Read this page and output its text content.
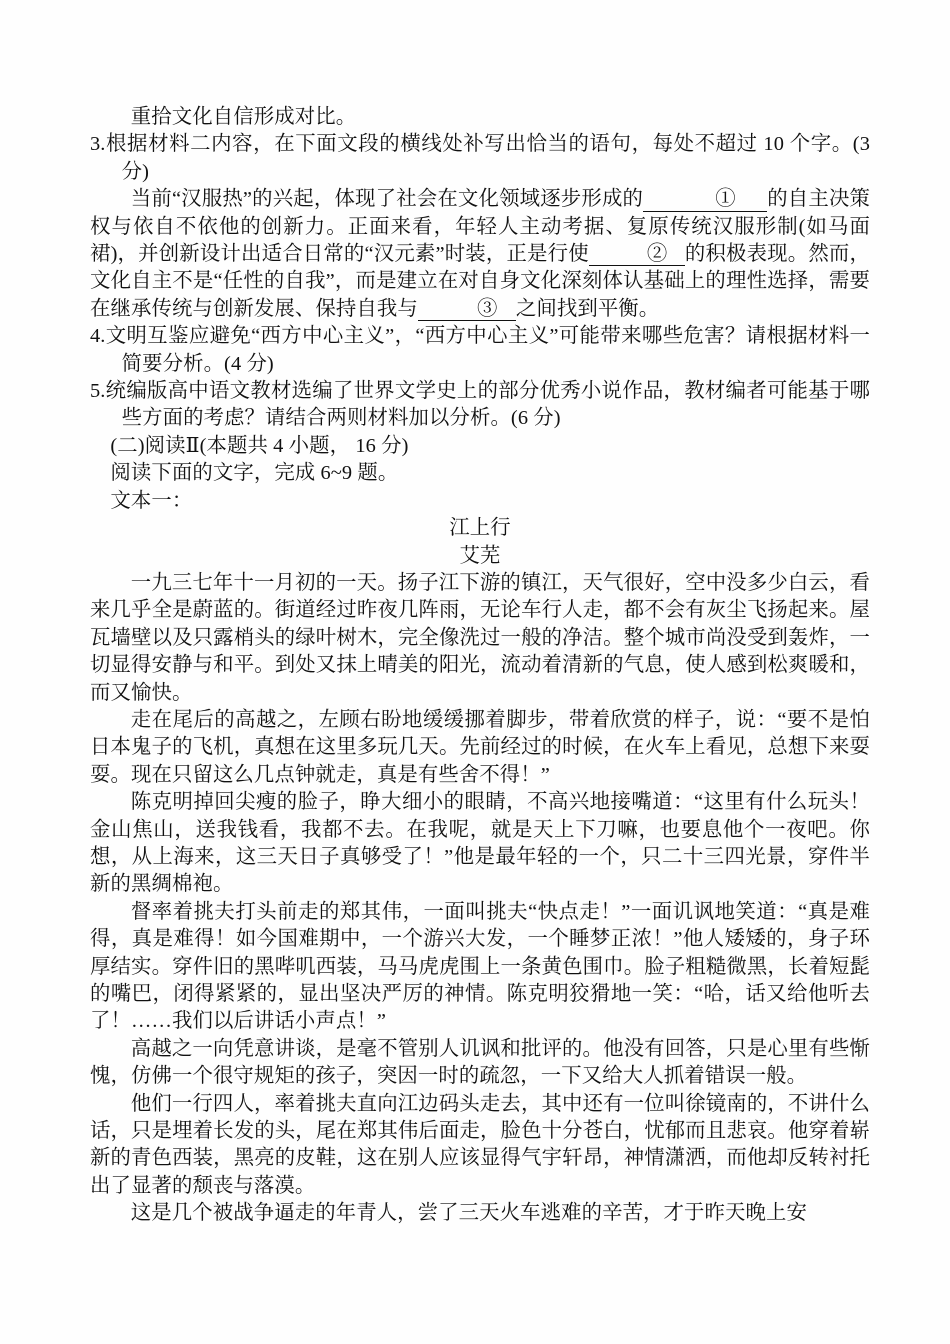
重拾文化自信形成对比。

3.根据材料二内容，在下面文段的横线处补写出恰当的语句，每处不超过 10 个字。(3 分)

当前“汉服热”的兴起，体现了社会在文化领域逐步形成的	① 的自主决策权与依自不依他的创新力。正面来看，年轻人主动考据、复原传统汉服形制(如马面裙)，并创新设计出适合日常的“汉元素”时装，正是行使	② 的积极表现。然而，文化自主不是“任性的自我”，而是建立在对自身文化深刻体认基础上的理性选择，需要在继承传统与创新发展、保持自我与	③ 之间找到平衡。

4.文明互鉴应避免“西方中心主义”，“西方中心主义”可能带来哪些危害？请根据材料一简要分析。(4 分)

5.统编版高中语文教材选编了世界文学史上的部分优秀小说作品，教材编者可能基于哪些方面的考虑？请结合两则材料加以分析。(6 分)

(二)阅读Ⅱ(本题共 4 小题， 16 分)

阅读下面的文字，完成 6~9 题。

文本一：

江上行

艾芜

一九三七年十一月初的一天。扬子江下游的镇江，天气很好，空中没多少白云，看来几乎全是蔚蓝的。街道经过昨夜几阵雨，无论车行人走，都不会有灰尘飞扬起来。屋瓦墙壁以及只露梢头的绿叶树木，完全像洗过一般的净洁。整个城市尚没受到轰炸，一切显得安静与和平。到处又抹上晴美的阳光，流动着清新的气息，使人感到松爽暖和，而又愉快。

走在尾后的高越之，左顾右盼地缓缓挪着脚步，带着欣赏的样子，说：“要不是怕日本鬼子的飞机，真想在这里多玩几天。先前经过的时候，在火车上看见，总想下来耍耍。现在只留这么几点钟就走，真是有些舍不得！”

陈克明掉回尖瘦的脸子，睁大细小的眼睛，不高兴地接嘴道：“这里有什么玩头！金山焦山，送我钱看，我都不去。在我呢，就是天上下刀嘛，也要息他个一夜吧。你想，从上海来，这三天日子真够受了！”他是最年轻的一个，只二十三四光景，穿件半新的黑绸棉袍。

督率着挑夫打头前走的郑其伟，一面叫挑夫“快点走！”一面讥讽地笑道：“真是难得，真是难得！如今国难期中，一个游兴大发，一个睡梦正浓！”他人矮矮的，身子环厚结实。穿件旧的黑哔叽西装，马马虎虎围上一条黄色围巾。脸子粗糙微黑，长着短髭的嘴巴，闭得紧紧的，显出坚决严厉的神情。陈克明狡猾地一笑：“哈，话又给他听去了！……我们以后讲话小声点！”

高越之一向凭意讲谈，是毫不管别人讥讽和批评的。他没有回答，只是心里有些惭愧，仿佛一个很守规矩的孩子，突因一时的疏忽，一下又给大人抓着错误一般。

他们一行四人，率着挑夫直向江边码头走去，其中还有一位叫徐镜南的，不讲什么话，只是埋着长发的头，尾在郑其伟后面走，脸色十分苍白，忧郁而且悲哀。他穿着崭新的青色西装，黑亮的皮鞋，这在别人应该显得气宇轩昂，神情潇洒，而他却反转衬托出了显著的颓丧与落漠。

这是几个被战争逼走的年青人，尝了三天火车逃难的辛苦，才于昨天晚上安
